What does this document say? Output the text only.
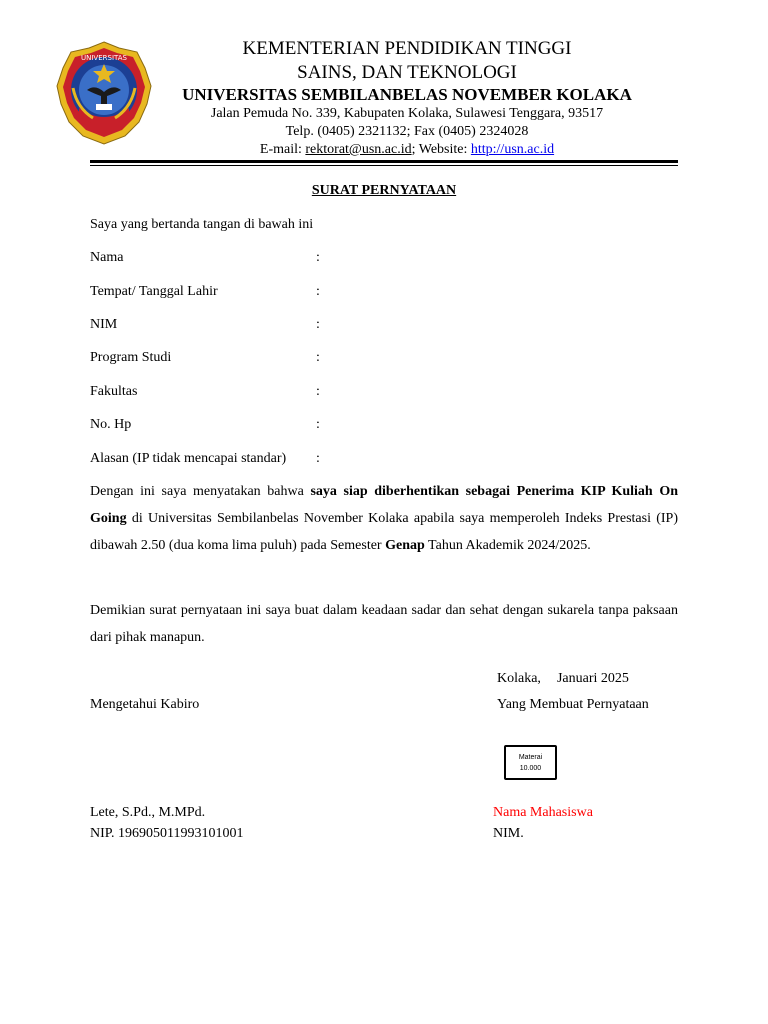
UNIVERSITAS	KEMENTERIAN PENDIDIKAN TINGGI
SAINS, DAN TEKNOLOGI
UNIVERSITAS SEMBILANBELAS NOVEMBER KOLAKA
Jalan Pemuda No. 339, Kabupaten Kolaka, Sulawesi Tenggara, 93517
Telp. (0405) 2321132; Fax (0405) 2324028
E-mail: rektorat@usn.ac.id; Website: http://usn.ac.id
SURAT PERNYATAAN
Saya yang bertanda tangan di bawah ini
Nama	:
Tempat/ Tanggal Lahir	:
NIM	:
Program Studi	:
Fakultas	:
No. Hp	:
Alasan (IP tidak mencapai standar) :
Dengan ini saya menyatakan bahwa saya siap diberhentikan sebagai Penerima KIP Kuliah On Going di Universitas Sembilanbelas November Kolaka apabila saya memperoleh Indeks Prestasi (IP) dibawah 2.50 (dua koma lima puluh) pada Semester Genap Tahun Akademik 2024/2025.
Demikian surat pernyataan ini saya buat dalam keadaan sadar dan sehat dengan sukarela tanpa paksaan dari pihak manapun.
Kolaka, Januari 2025
Mengetahui Kabiro	Yang Membuat Pernyataan
Materai
10.000
Lete, S.Pd., M.MPd.
NIP. 196905011993101001
Nama Mahasiswa
NIM.
